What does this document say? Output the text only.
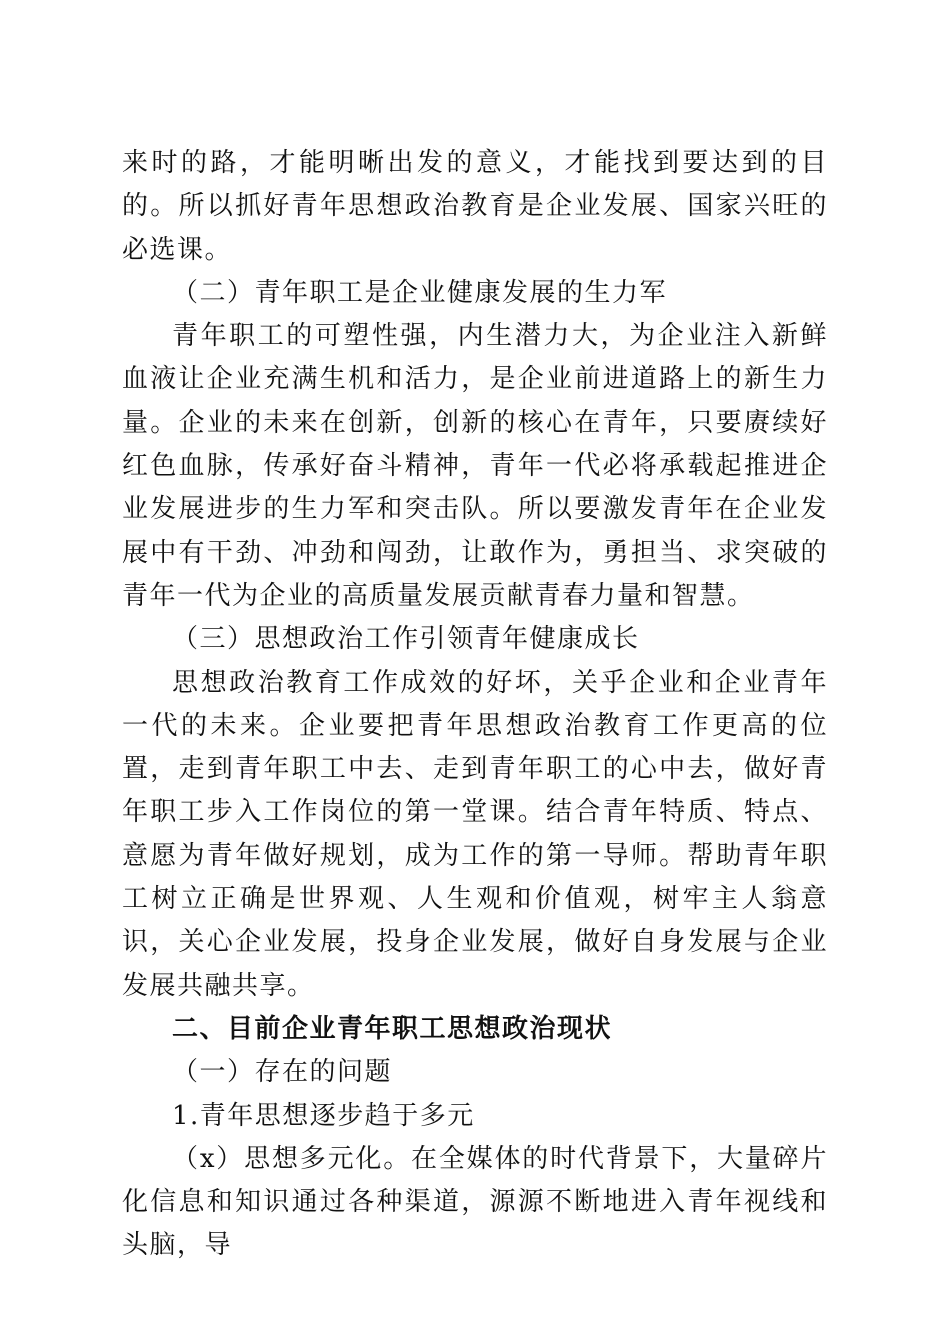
来时的路，才能明晰出发的意义，才能找到要达到的目的。所以抓好青年思想政治教育是企业发展、国家兴旺的必选课。

（二）青年职工是企业健康发展的生力军

青年职工的可塑性强，内生潜力大，为企业注入新鲜血液让企业充满生机和活力，是企业前进道路上的新生力量。企业的未来在创新，创新的核心在青年，只要赓续好红色血脉，传承好奋斗精神，青年一代必将承载起推进企业发展进步的生力军和突击队。所以要激发青年在企业发展中有干劲、冲劲和闯劲，让敢作为，勇担当、求突破的青年一代为企业的高质量发展贡献青春力量和智慧。

（三）思想政治工作引领青年健康成长

思想政治教育工作成效的好坏，关乎企业和企业青年一代的未来。企业要把青年思想政治教育工作更高的位置，走到青年职工中去、走到青年职工的心中去，做好青年职工步入工作岗位的第一堂课。结合青年特质、特点、意愿为青年做好规划，成为工作的第一导师。帮助青年职工树立正确是世界观、人生观和价值观，树牢主人翁意识，关心企业发展，投身企业发展，做好自身发展与企业发展共融共享。

二、目前企业青年职工思想政治现状

（一）存在的问题

1.青年思想逐步趋于多元

（x）思想多元化。在全媒体的时代背景下，大量碎片化信息和知识通过各种渠道，源源不断地进入青年视线和头脑，导
